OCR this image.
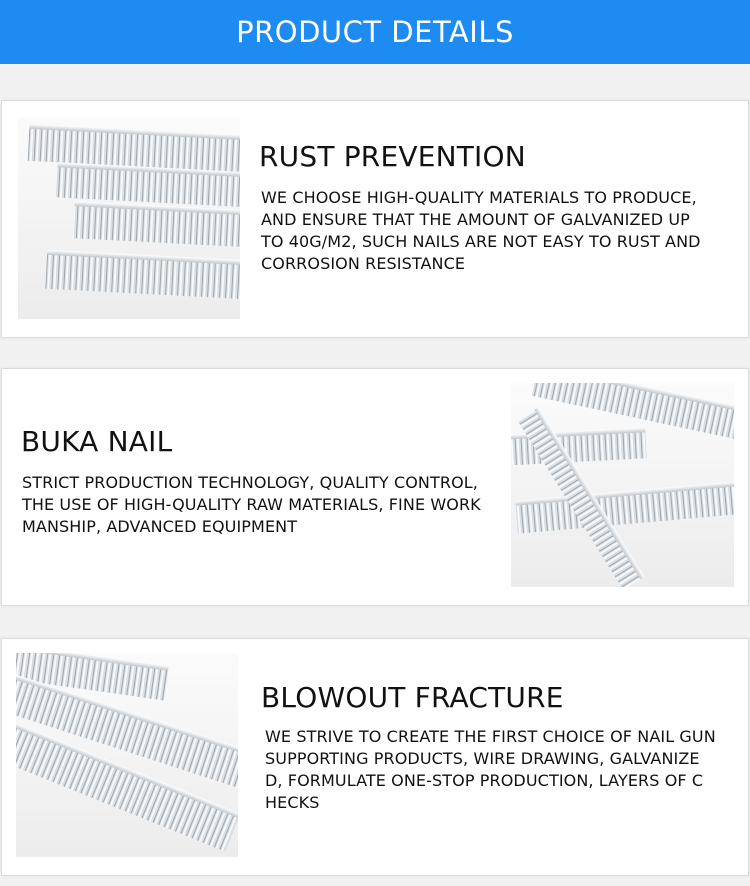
PRODUCT DETAILS
RUST PREVENTION

WE CHOOSE HIGH-QUALITY MATERIALS TO PRODUCE,
AND ENSURE THAT THE AMOUNT OF GALVANIZED UP
TO 40G/M2, SUCH NAILS ARE NOT EASY TO RUST AND
CORROSION RESISTANCE

BUKA NAIL

STRICT PRODUCTION TECHNOLOGY, QUALITY CONTROL,
THE USE OF HIGH-QUALITY RAW MATERIALS, FINE WORK
MANSHIP, ADVANCED EQUIPMENT

BLOWOUT FRACTURE

WE STRIVE TO CREATE THE FIRST CHOICE OF NAIL GUN
SUPPORTING PRODUCTS, WIRE DRAWING, GALVANIZE
D, FORMULATE ONE-STOP PRODUCTION, LAYERS OF C
HECKS
